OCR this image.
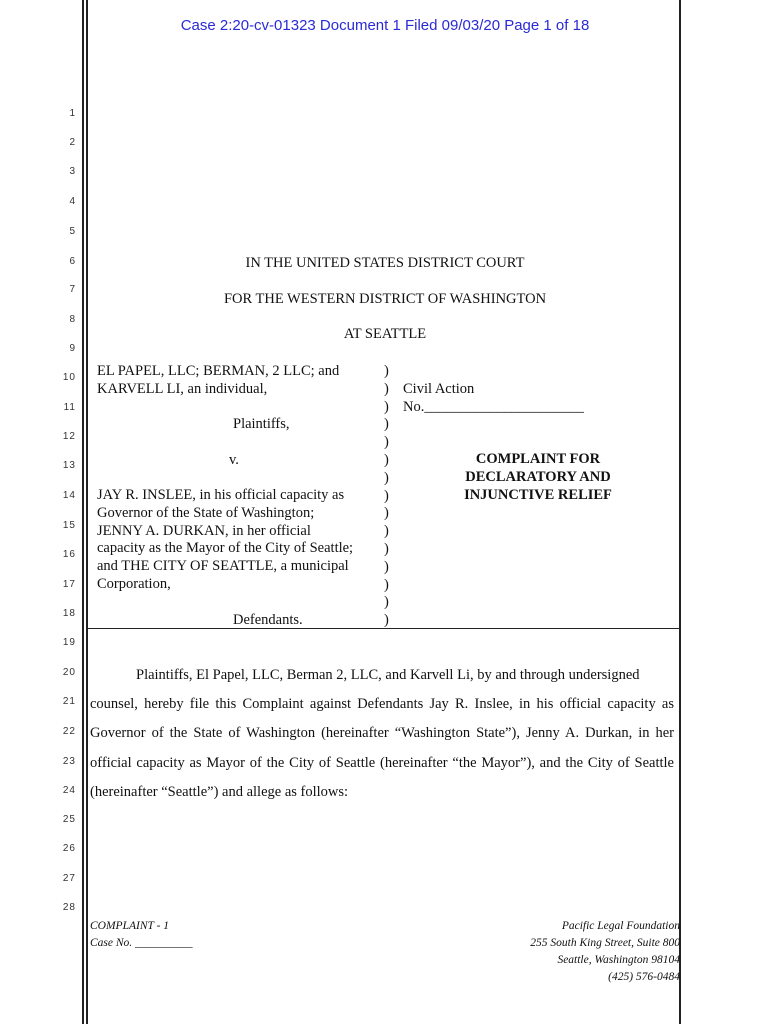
Case 2:20-cv-01323 Document 1 Filed 09/03/20 Page 1 of 18
1
2
3
4
5
6
7
8
9
10
11
12
13
14
15
16
17
18
19
20
21
22
23
24
25
26
27
28
IN THE UNITED STATES DISTRICT COURT
FOR THE WESTERN DISTRICT OF WASHINGTON
AT SEATTLE
EL PAPEL, LLC; BERMAN, 2 LLC; and
KARVELL LI, an individual,
Plaintiffs,
v.
JAY R. INSLEE, in his official capacity as
Governor of the State of Washington;
JENNY A. DURKAN, in her official
capacity as the Mayor of the City of Seattle;
and THE CITY OF SEATTLE, a municipal
Corporation,
Defendants.
)
)
)
)
)
)
)
)
)
)
)
)
)
)
)
Civil Action
No.______________________
COMPLAINT FOR
DECLARATORY AND
INJUNCTIVE RELIEF
Plaintiffs, El Papel, LLC, Berman 2, LLC, and Karvell Li, by and through undersigned
counsel, hereby file this Complaint against Defendants Jay R. Inslee, in his official capacity as
Governor of the State of Washington (hereinafter “Washington State”), Jenny A. Durkan, in her
official capacity as Mayor of the City of Seattle (hereinafter “the Mayor”), and the City of Seattle
(hereinafter “Seattle”) and allege as follows:
COMPLAINT - 1
Case No. __________
Pacific Legal Foundation
255 South King Street, Suite 800
Seattle, Washington 98104
(425) 576-0484
